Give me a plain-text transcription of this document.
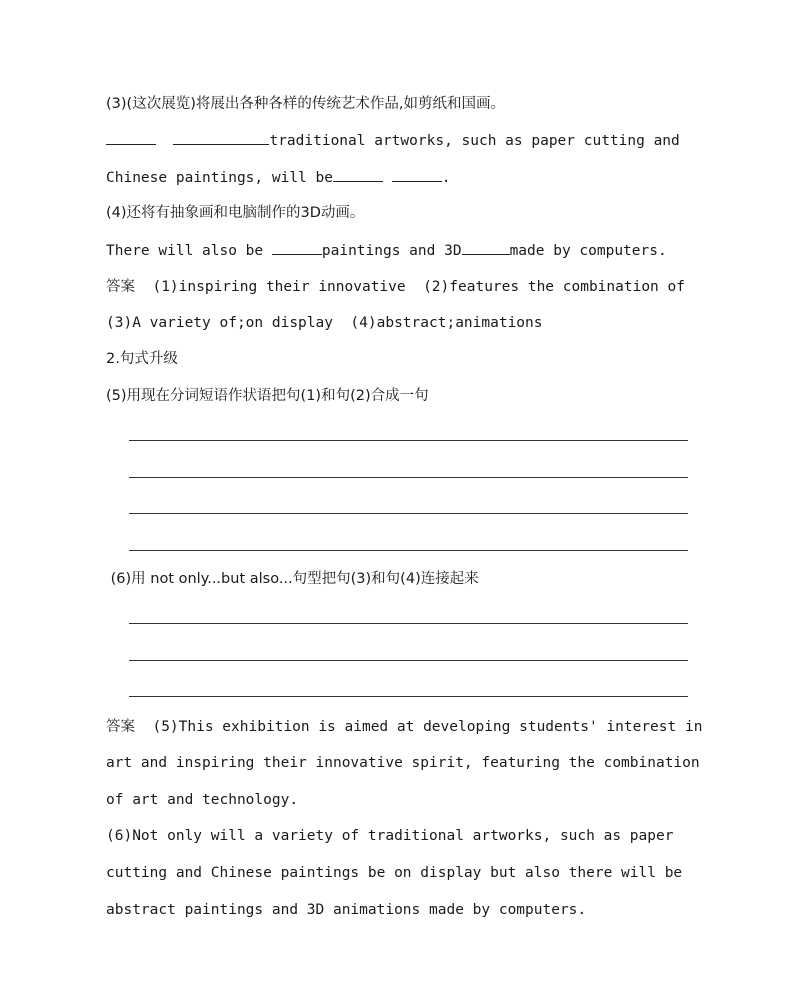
(3)(这次展览)将展出各种各样的传统艺术作品,如剪纸和国画。
traditional artworks, such as paper cutting and
Chinese paintings, will be	.
(4)还将有抽象画和电脑制作的3D动画。
There will also be	paintings and 3D	made by computers.
答案  (1)inspiring their innovative  (2)features the combination of
(3)A variety of;on display  (4)abstract;animations
2.句式升级
(5)用现在分词短语作状语把句(1)和句(2)合成一句
(6)用 not only...but also...句型把句(3)和句(4)连接起来
答案  (5)This exhibition is aimed at developing students' interest in
art and inspiring their innovative spirit, featuring the combination
of art and technology.
(6)Not only will a variety of traditional artworks, such as paper
cutting and Chinese paintings be on display but also there will be
abstract paintings and 3D animations made by computers.
